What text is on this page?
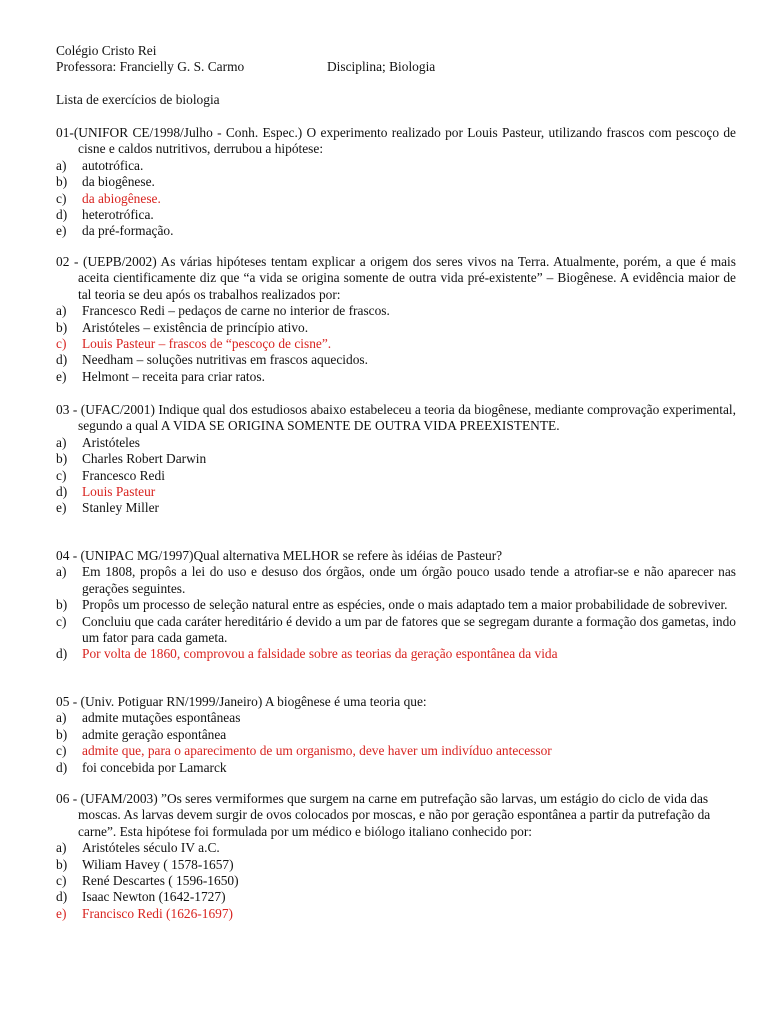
Colégio Cristo Rei
Professora: Francielly G. S. Carmo	Disciplina; Biologia
Lista de exercícios de biologia
01-(UNIFOR CE/1998/Julho - Conh. Espec.) O experimento realizado por Louis Pasteur, utilizando frascos com pescoço de cisne e caldos nutritivos, derrubou a hipótese:
a)	autotrófica.
b)	da biogênese.
c)	da abiogênese.
d)	heterotrófica.
e)	da pré-formação.
02 - (UEPB/2002) As várias hipóteses tentam explicar a origem dos seres vivos na Terra. Atualmente, porém, a que é mais aceita cientificamente diz que “a vida se origina somente de outra vida pré-existente” – Biogênese. A evidência maior de tal teoria se deu após os trabalhos realizados por:
a)	Francesco Redi – pedaços de carne no interior de frascos.
b)	Aristóteles – existência de princípio ativo.
c)	Louis Pasteur – frascos de “pescoço de cisne”.
d)	Needham – soluções nutritivas em frascos aquecidos.
e)	Helmont – receita para criar ratos.
03 - (UFAC/2001) Indique qual dos estudiosos abaixo estabeleceu a teoria da biogênese, mediante comprovação experimental, segundo a qual A VIDA SE ORIGINA SOMENTE DE OUTRA VIDA PREEXISTENTE.
a)	Aristóteles
b)	Charles Robert Darwin
c)	Francesco Redi
d)	Louis Pasteur
e)	Stanley Miller
04 - (UNIPAC MG/1997)Qual alternativa MELHOR se refere às idéias de Pasteur?
a)	Em 1808, propôs a lei do uso e desuso dos órgãos, onde um órgão pouco usado tende a atrofiar-se e não aparecer nas gerações seguintes.
b)	Propôs um processo de seleção natural entre as espécies, onde o mais adaptado tem a maior probabilidade de sobreviver.
c)	Concluiu que cada caráter hereditário é devido a um par de fatores que se segregam durante a formação dos gametas, indo um fator para cada gameta.
d)	Por volta de 1860, comprovou a falsidade sobre as teorias da geração espontânea da vida
05 - (Univ. Potiguar RN/1999/Janeiro) A biogênese é uma teoria que:
a)	admite mutações espontâneas
b)	admite geração espontânea
c)	admite que, para o aparecimento de um organismo, deve haver um indivíduo antecessor
d)	foi concebida por Lamarck
06 - (UFAM/2003) ”Os seres vermiformes que surgem na carne em putrefação são larvas, um estágio do ciclo de vida das moscas. As larvas devem surgir de ovos colocados por moscas, e não por geração espontânea a partir da putrefação da carne”. Esta hipótese foi formulada por um médico e biólogo italiano conhecido por:
a)	Aristóteles século IV a.C.
b)	Wiliam Havey ( 1578-1657)
c)	René Descartes ( 1596-1650)
d)	Isaac Newton (1642-1727)
e)	Francisco Redi (1626-1697)
